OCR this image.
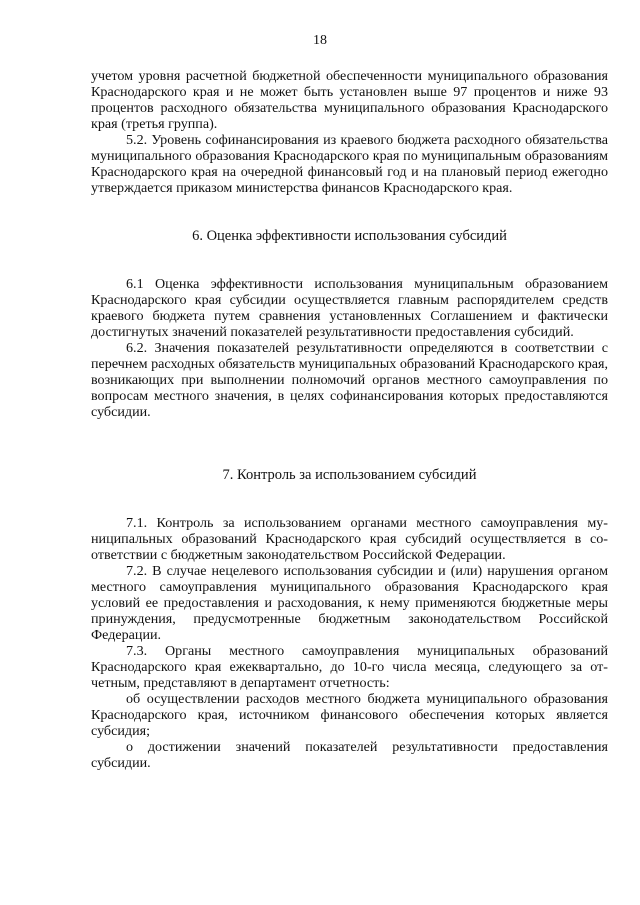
18

учетом уровня расчетной бюджетной обеспеченности муниципального образования Краснодарского края и не может быть установлен выше 97 процентов и ниже 93 процентов расходного обязательства муниципального образования Краснодарского края (третья группа).

5.2. Уровень софинансирования из краевого бюджета расходного обязательства муниципального образования Краснодарского края по муниципальным образованиям Краснодарского края на очередной финансовый год и на плановый период ежегодно утверждается приказом министерства финансов Краснодарского края.

6. Оценка эффективности использования субсидий

6.1 Оценка эффективности использования муниципальным образованием Краснодарского края субсидии осуществляется главным распорядителем средств краевого бюджета путем сравнения установленных Соглашением и фактически достигнутых значений показателей результативности предоставления субсидий.

6.2. Значения показателей результативности определяются в соответствии с перечнем расходных обязательств муниципальных образований Краснодарского края, возникающих при выполнении полномочий органов местного самоуправления по вопросам местного значения, в целях софинансирования которых предоставляются субсидии.

7. Контроль за использованием субсидий

7.1. Контроль за использованием органами местного самоуправления муниципальных образований Краснодарского края субсидий осуществляется в соответствии с бюджетным законодательством Российской Федерации.

7.2. В случае нецелевого использования субсидии и (или) нарушения органом местного самоуправления муниципального образования Краснодарского края условий ее предоставления и расходования, к нему применяются бюджетные меры принуждения, предусмотренные бюджетным законодательством Российской Федерации.

7.3. Органы местного самоуправления муниципальных образований Краснодарского края ежеквартально, до 10-го числа месяца, следующего за отчетным, представляют в департамент отчетность:

об осуществлении расходов местного бюджета муниципального образования Краснодарского края, источником финансового обеспечения которых является субсидия;

о достижении значений показателей результативности предоставления субсидии.
